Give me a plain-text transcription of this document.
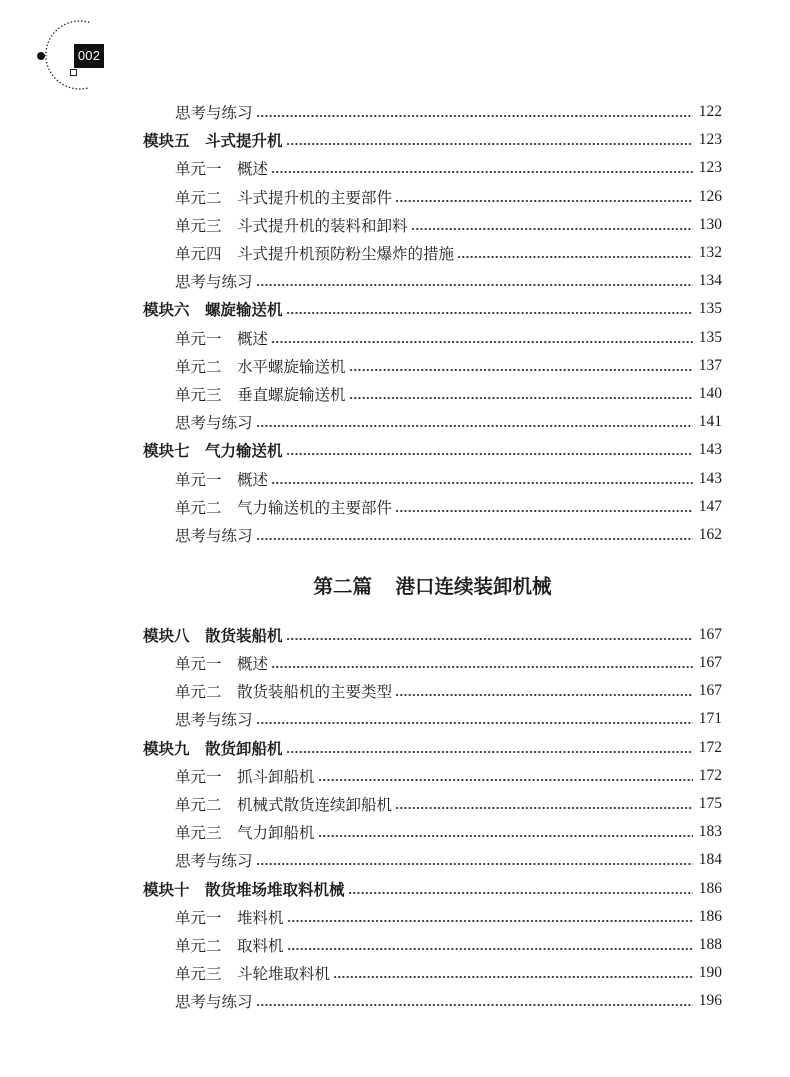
002
思考与练习	122
模块五 斗式提升机	123
单元一 概述	123
单元二 斗式提升机的主要部件	126
单元三 斗式提升机的装料和卸料	130
单元四 斗式提升机预防粉尘爆炸的措施	132
思考与练习	134
模块六 螺旋输送机	135
单元一 概述	135
单元二 水平螺旋输送机	137
单元三 垂直螺旋输送机	140
思考与练习	141
模块七 气力输送机	143
单元一 概述	143
单元二 气力输送机的主要部件	147
思考与练习	162
第二篇 港口连续装卸机械
模块八 散货装船机	167
单元一 概述	167
单元二 散货装船机的主要类型	167
思考与练习	171
模块九 散货卸船机	172
单元一 抓斗卸船机	172
单元二 机械式散货连续卸船机	175
单元三 气力卸船机	183
思考与练习	184
模块十 散货堆场堆取料机械	186
单元一 堆料机	186
单元二 取料机	188
单元三 斗轮堆取料机	190
思考与练习	196
